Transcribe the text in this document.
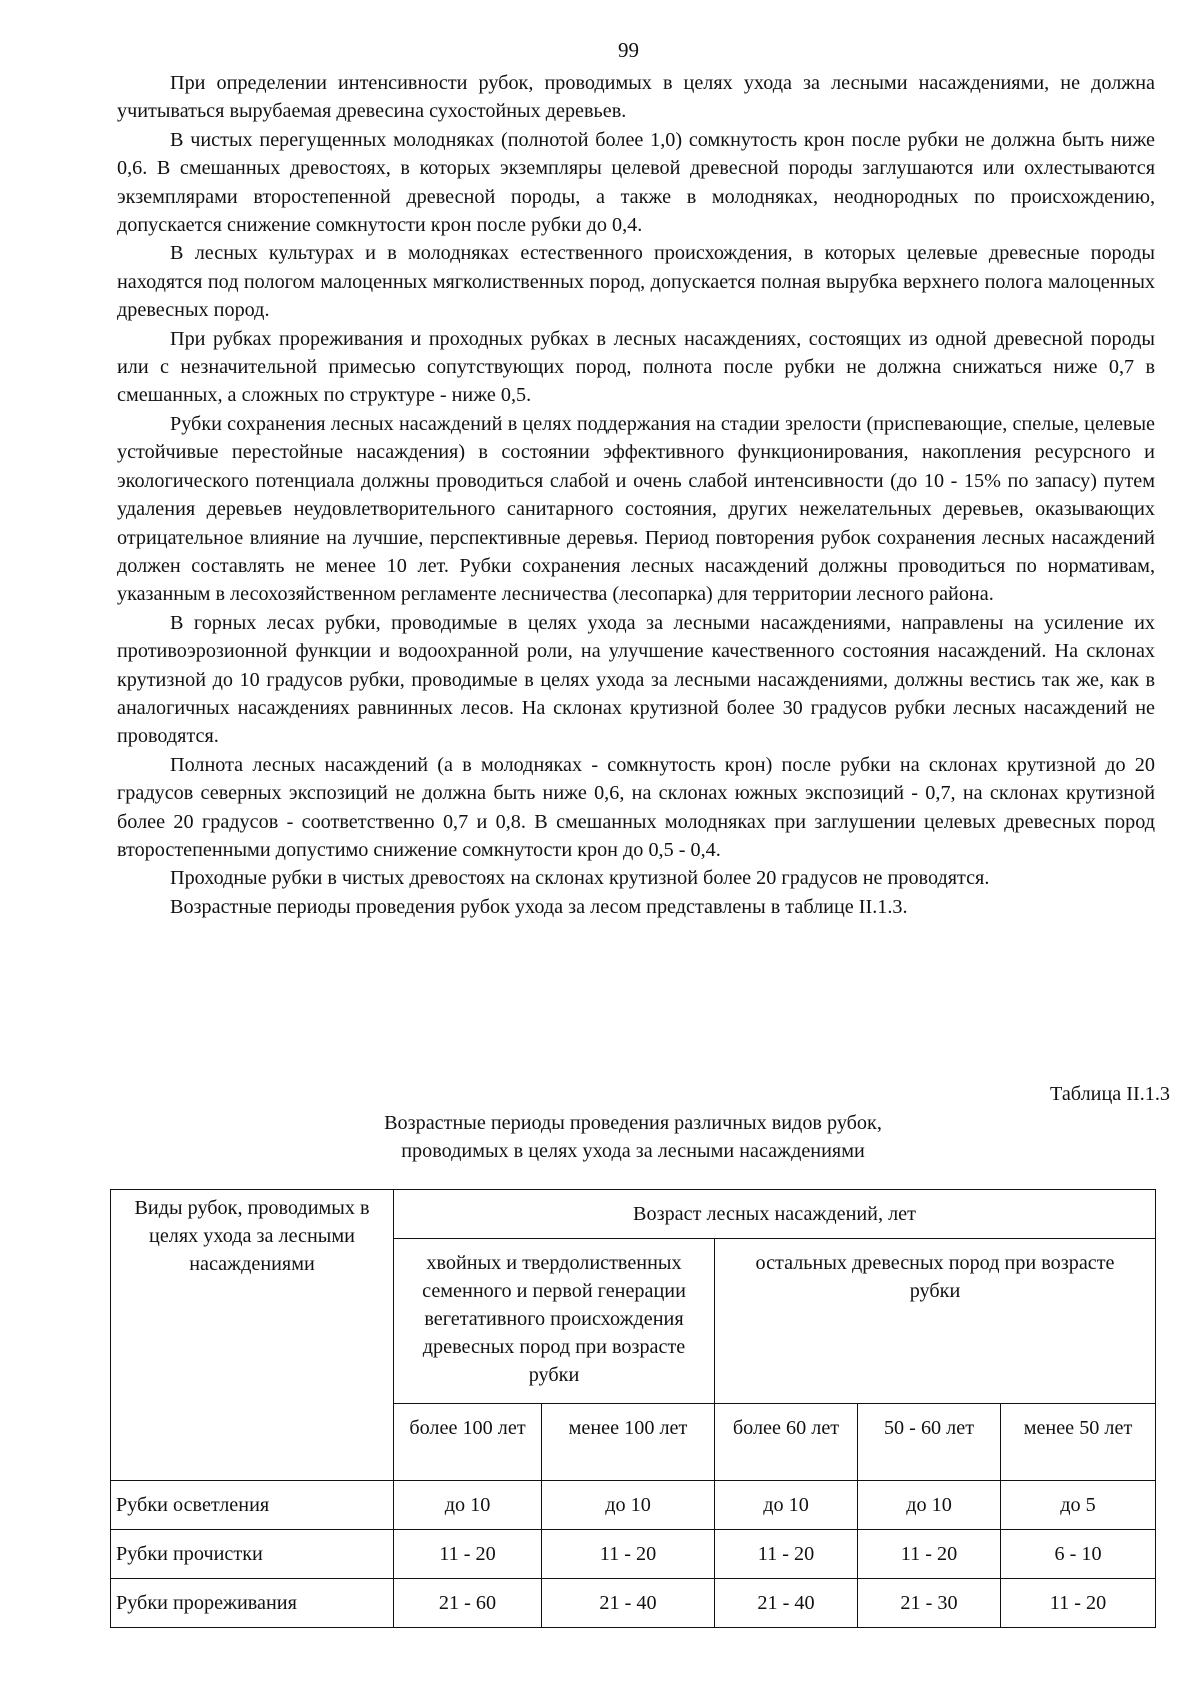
99

При определении интенсивности рубок, проводимых в целях ухода за лесными насаждениями, не должна учитываться вырубаемая древесина сухостойных деревьев.

В чистых перегущенных молодняках (полнотой более 1,0) сомкнутость крон после рубки не должна быть ниже 0,6. В смешанных древостоях, в которых экземпляры целевой древесной породы заглушаются или охлестываются экземплярами второстепенной древесной породы, а также в молодняках, неоднородных по происхождению, допускается снижение сомкнутости крон после рубки до 0,4.

В лесных культурах и в молодняках естественного происхождения, в которых целевые древесные породы находятся под пологом малоценных мягколиственных пород, допускается полная вырубка верхнего полога малоценных древесных пород.

При рубках прореживания и проходных рубках в лесных насаждениях, состоящих из одной древесной породы или с незначительной примесью сопутствующих пород, полнота после рубки не должна снижаться ниже 0,7 в смешанных, а сложных по структуре - ниже 0,5.

Рубки сохранения лесных насаждений в целях поддержания на стадии зрелости (приспевающие, спелые, целевые устойчивые перестойные насаждения) в состоянии эффективного функционирования, накопления ресурсного и экологического потенциала должны проводиться слабой и очень слабой интенсивности (до 10 - 15% по запасу) путем удаления деревьев неудовлетворительного санитарного состояния, других нежелательных деревьев, оказывающих отрицательное влияние на лучшие, перспективные деревья. Период повторения рубок сохранения лесных насаждений должен составлять не менее 10 лет. Рубки сохранения лесных насаждений должны проводиться по нормативам, указанным в лесохозяйственном регламенте лесничества (лесопарка) для территории лесного района.

В горных лесах рубки, проводимые в целях ухода за лесными насаждениями, направлены на усиление их противоэрозионной функции и водоохранной роли, на улучшение качественного состояния насаждений. На склонах крутизной до 10 градусов рубки, проводимые в целях ухода за лесными насаждениями, должны вестись так же, как в аналогичных насаждениях равнинных лесов. На склонах крутизной более 30 градусов рубки лесных насаждений не проводятся.

Полнота лесных насаждений (а в молодняках - сомкнутость крон) после рубки на склонах крутизной до 20 градусов северных экспозиций не должна быть ниже 0,6, на склонах южных экспозиций - 0,7, на склонах крутизной более 20 градусов - соответственно 0,7 и 0,8. В смешанных молодняках при заглушении целевых древесных пород второстепенными допустимо снижение сомкнутости крон до 0,5 - 0,4.

Проходные рубки в чистых древостоях на склонах крутизной более 20 градусов не проводятся.

Возрастные периоды проведения рубок ухода за лесом представлены в таблице II.1.3.

Таблица II.1.3
Возрастные периоды проведения различных видов рубок,
проводимых в целях ухода за лесными насаждениями
Виды рубок, проводимых в целях ухода за лесными насаждениями	Возраст лесных насаждений, лет				
	хвойных и твердолиственных семенного и первой генерации вегетативного происхождения древесных пород при возрасте рубки		остальных древесных пород при возрасте рубки		
	более 100 лет	менее 100 лет	более 60 лет	50 - 60 лет	менее 50 лет
Рубки осветления	до 10	до 10	до 10	до 10	до 5
Рубки прочистки	11 - 20	11 - 20	11 - 20	11 - 20	6 - 10
Рубки прореживания	21 - 60	21 - 40	21 - 40	21 - 30	11 - 20
